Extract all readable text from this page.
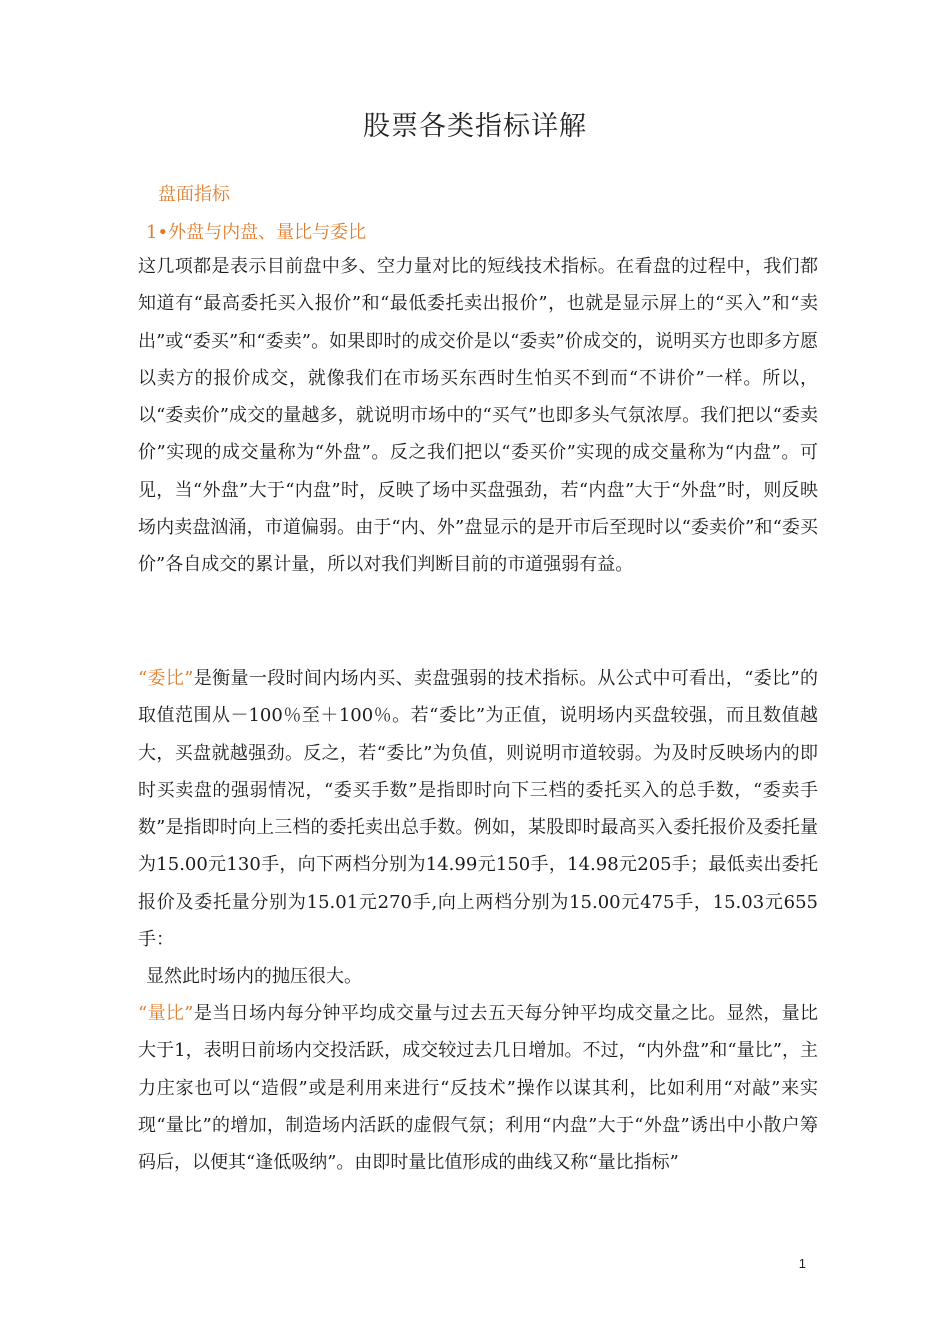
股票各类指标详解
盘面指标
1•外盘与内盘、量比与委比
这几项都是表示目前盘中多、空力量对比的短线技术指标。在看盘的过程中，我们都知道有“最高委托买入报价”和“最低委托卖出报价”，也就是显示屏上的“买入”和“卖出”或“委买”和“委卖”。如果即时的成交价是以“委卖”价成交的，说明买方也即多方愿以卖方的报价成交，就像我们在市场买东西时生怕买不到而“不讲价”一样。所以，以“委卖价”成交的量越多，就说明市场中的“买气”也即多头气氛浓厚。我们把以“委卖价”实现的成交量称为“外盘”。反之我们把以“委买价”实现的成交量称为“内盘”。可见，当“外盘”大于“内盘”时，反映了场中买盘强劲，若“内盘”大于“外盘”时，则反映场内卖盘汹涌，市道偏弱。由于“内、外”盘显示的是开市后至现时以“委卖价”和“委买价”各自成交的累计量，所以对我们判断目前的市道强弱有益。
“委比”是衡量一段时间内场内买、卖盘强弱的技术指标。从公式中可看出，“委比”的取值范围从－100％至＋100％。若“委比”为正值，说明场内买盘较强，而且数值越大，买盘就越强劲。反之，若“委比”为负值，则说明市道较弱。为及时反映场内的即时买卖盘的强弱情况，“委买手数”是指即时向下三档的委托买入的总手数，“委卖手数”是指即时向上三档的委托卖出总手数。例如，某股即时最高买入委托报价及委托量为15.00元130手，向下两档分别为14.99元150手，14.98元205手；最低卖出委托报价及委托量分别为15.01元270手,向上两档分别为15.00元475手，15.03元655手：
显然此时场内的抛压很大。
“量比”是当日场内每分钟平均成交量与过去五天每分钟平均成交量之比。显然，量比大于1，表明日前场内交投活跃，成交较过去几日增加。不过，“内外盘”和“量比”，主力庄家也可以“造假”或是利用来进行“反技术”操作以谋其利，比如利用“对敲”来实现“量比”的增加，制造场内活跃的虚假气氛；利用“内盘”大于“外盘”诱出中小散户筹码后，以便其“逢低吸纳”。由即时量比值形成的曲线又称“量比指标”
1
